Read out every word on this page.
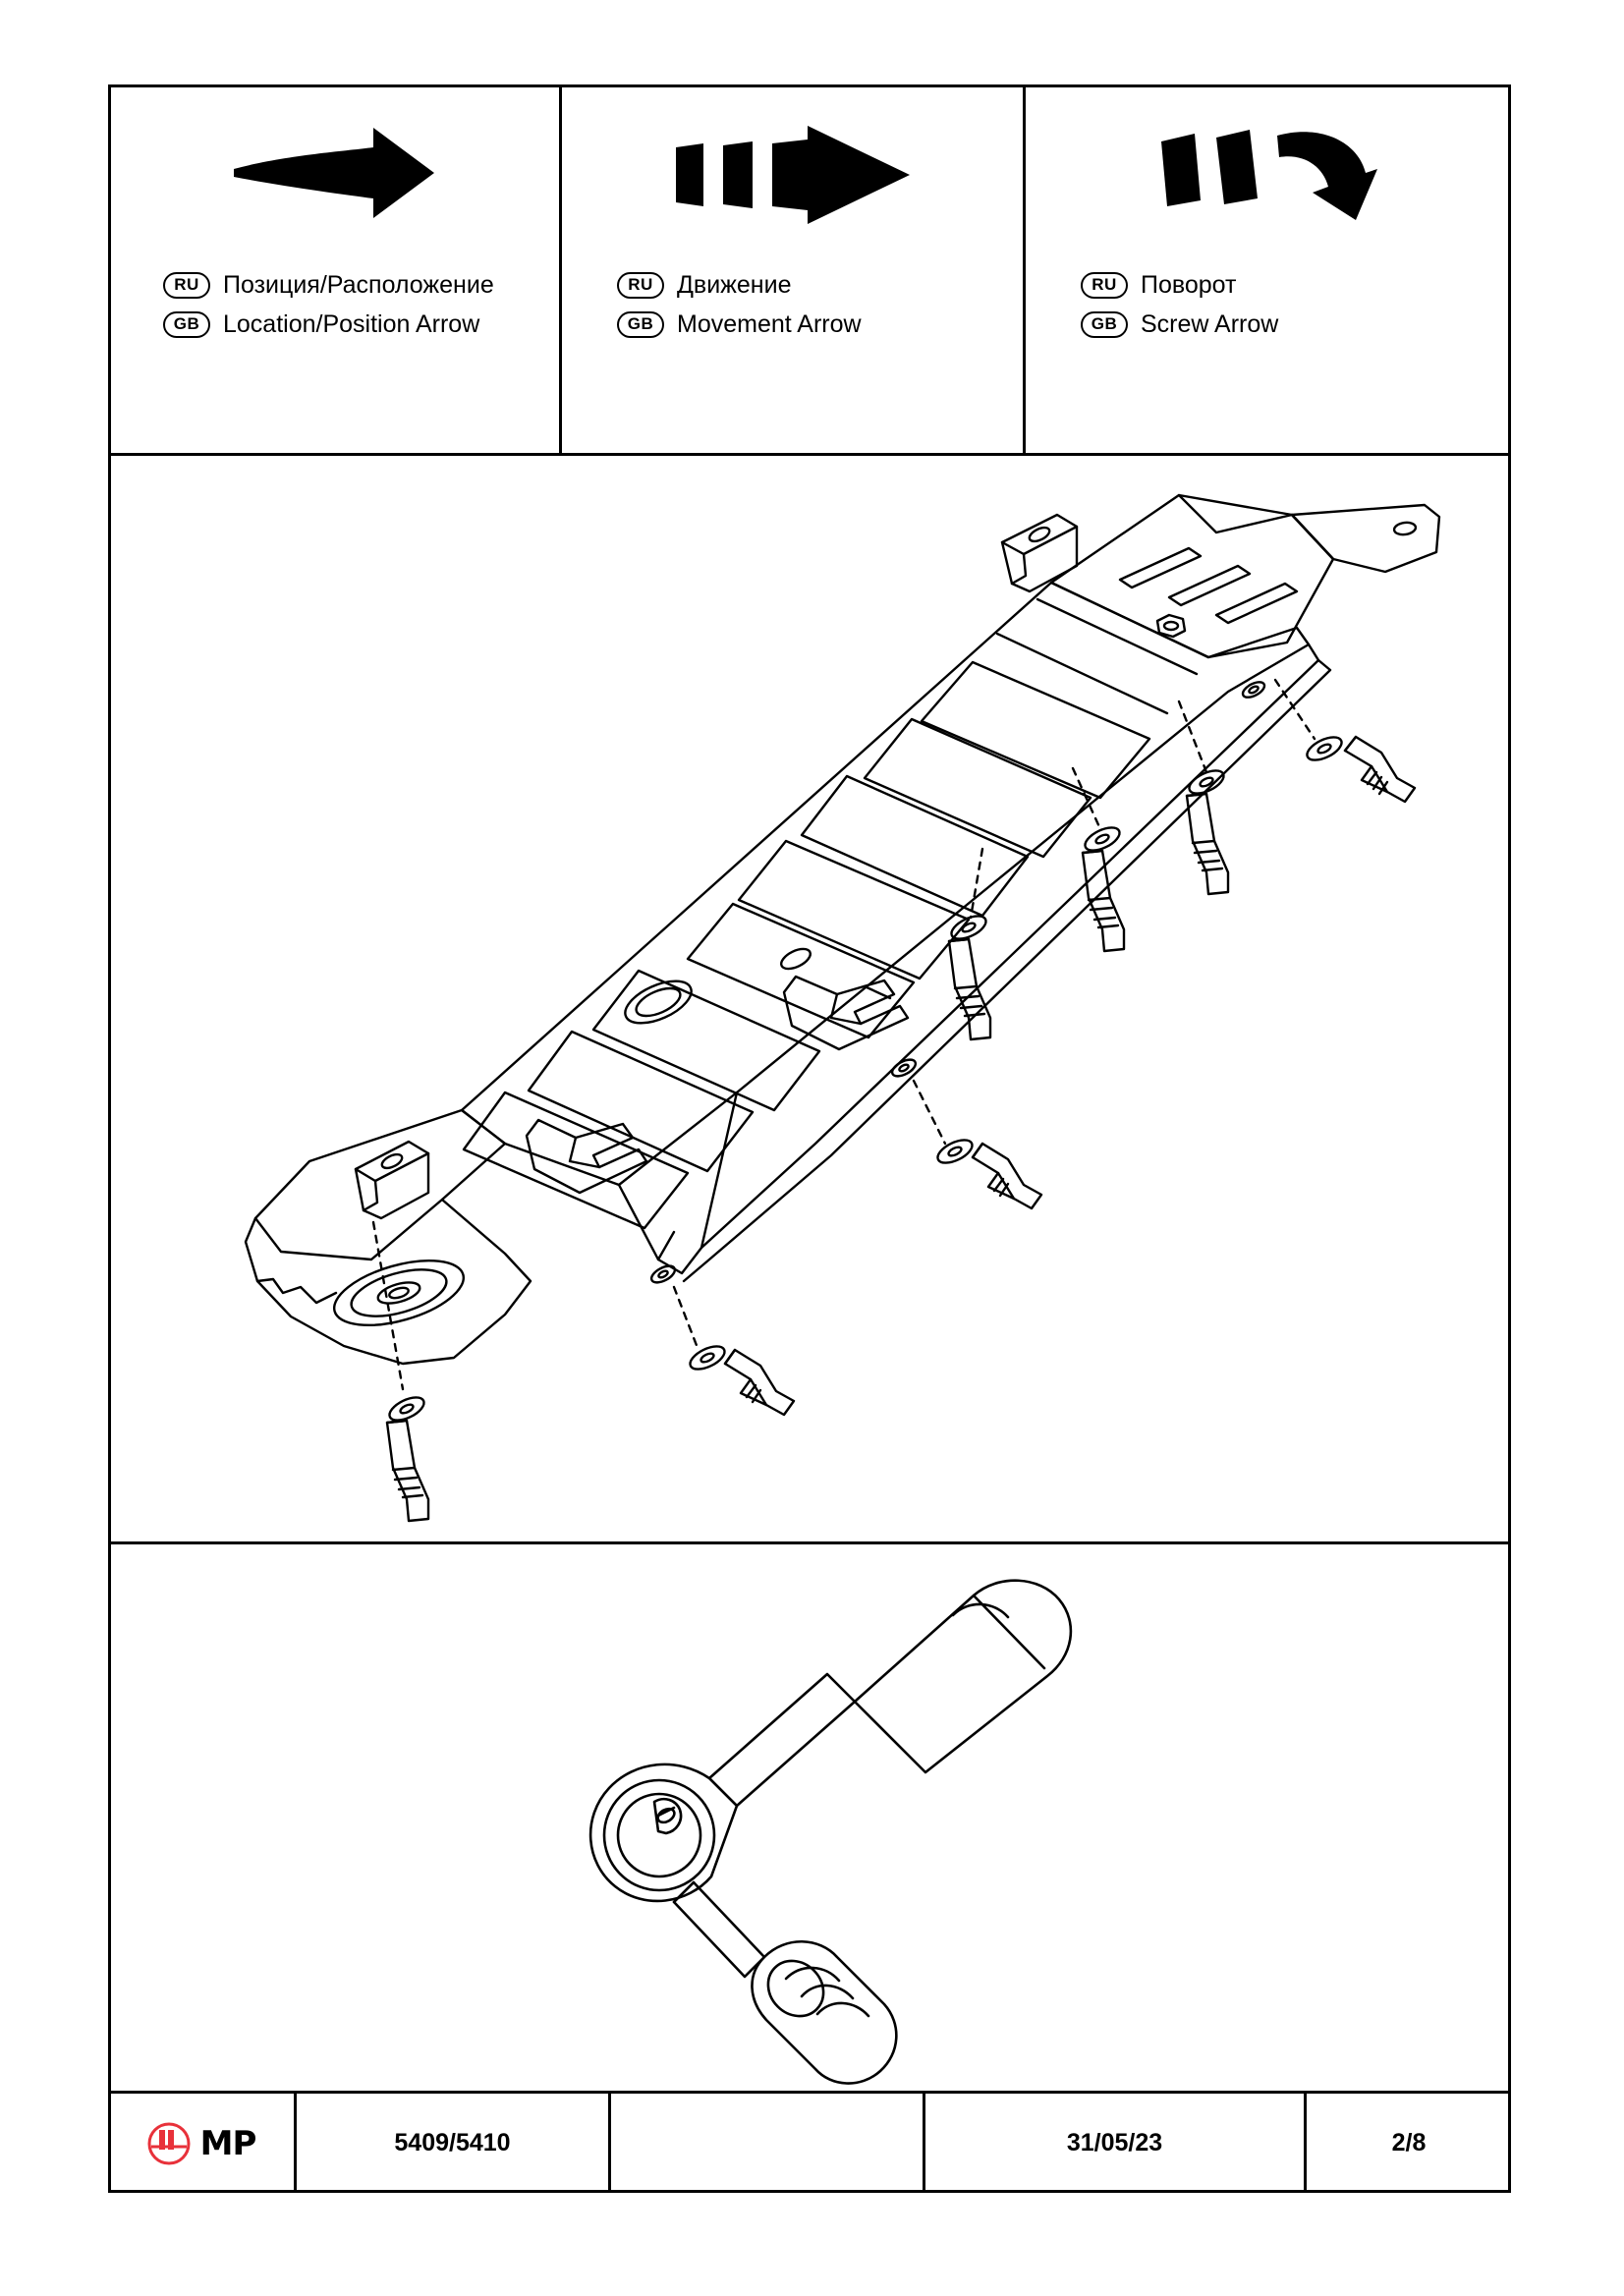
RU Позиция/Расположение
GB Location/Position Arrow
RU Движение
GB Movement Arrow
RU Поворот
GB Screw Arrow
MP	5409/5410	31/05/23	2/8
